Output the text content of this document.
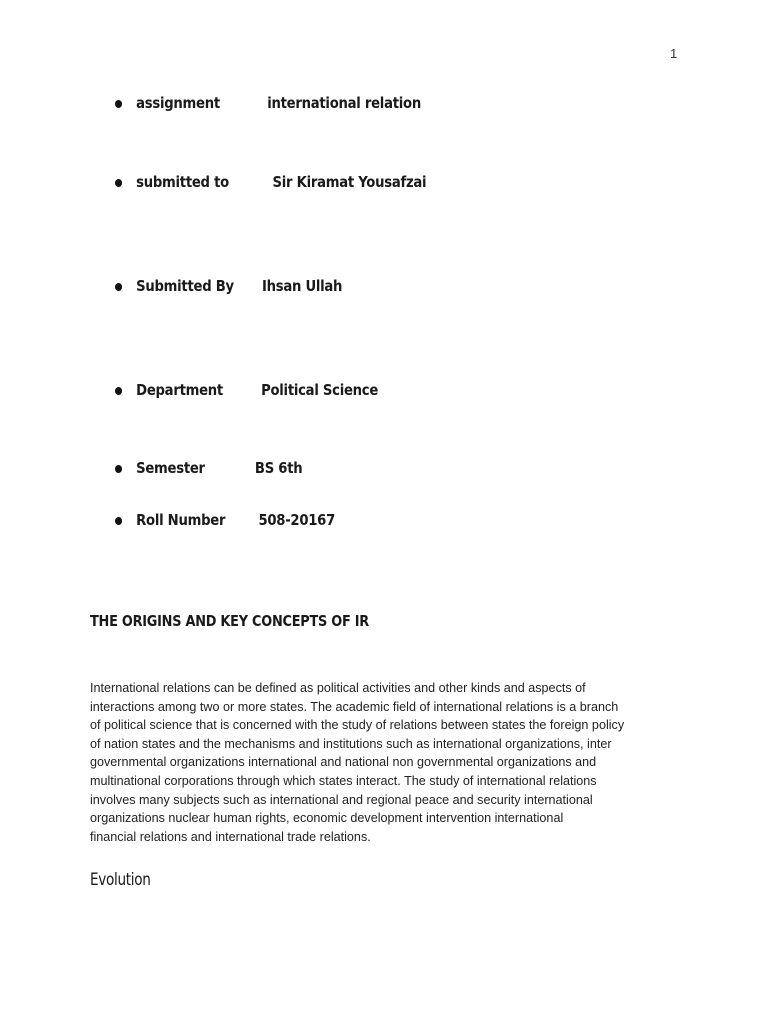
1
assignment	international relation
submitted to	Sir Kiramat Yousafzai
Submitted By Ihsan Ullah
Department	Political Science
Semester	BS 6th
Roll Number 508-20167
THE ORIGINS AND KEY CONCEPTS OF IR
International relations can be defined as political activities and other kinds and aspects of
interactions among two or more states. The academic field of international relations is a branch
of political science that is concerned with the study of relations between states the foreign policy
of nation states and the mechanisms and institutions such as international organizations, inter
governmental organizations international and national non governmental organizations and
multinational corporations through which states interact. The study of international relations
involves many subjects such as international and regional peace and security international
organizations nuclear human rights, economic development intervention international
financial relations and international trade relations.
Evolution
